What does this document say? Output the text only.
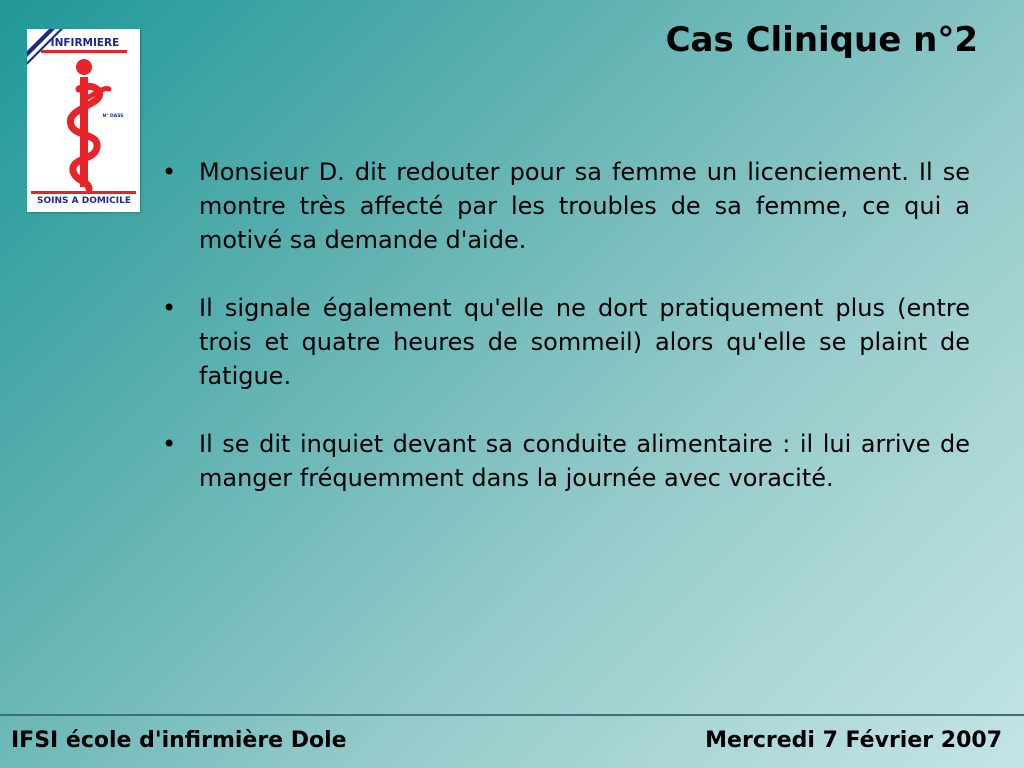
INFIRMIERE
N° DASS
SOINS A DOMICILE
Cas Clinique n°2
• Monsieur D. dit redouter pour sa femme un licenciement. Il se montre très affecté par les troubles de sa femme, ce qui a motivé sa demande d'aide.
• Il signale également qu'elle ne dort pratiquement plus (entre trois et quatre heures de sommeil) alors qu'elle se plaint de fatigue.
• Il se dit inquiet devant sa conduite alimentaire : il lui arrive de manger fréquemment dans la journée avec voracité.
IFSI école d'infirmière Dole	Mercredi 7 Février 2007
